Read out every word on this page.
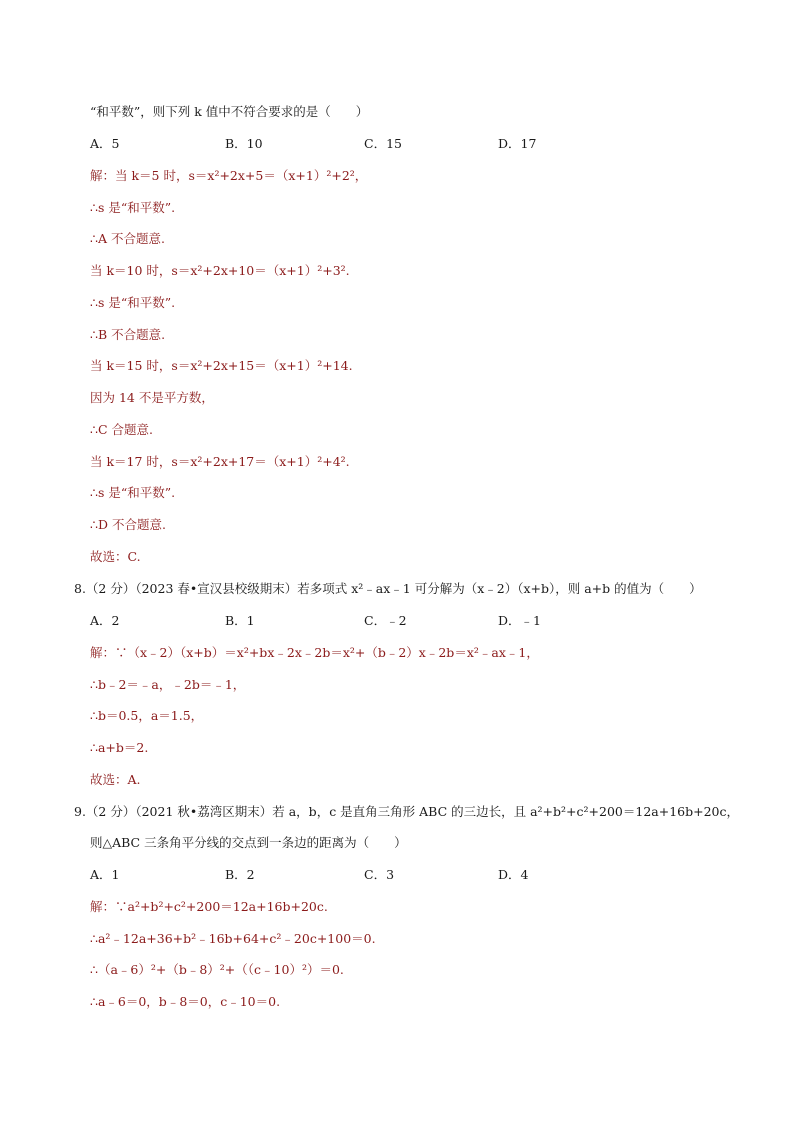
“和平数”，则下列 k 值中不符合要求的是（　　）
A．5	B．10	C．15	D．17
解：当 k＝5 时，s＝x²+2x+5＝（x+1）²+2²，
∴s 是“和平数”.
∴A 不合题意.
当 k＝10 时，s＝x²+2x+10＝（x+1）²+3².
∴s 是“和平数”.
∴B 不合题意.
当 k＝15 时，s＝x²+2x+15＝（x+1）²+14.
因为 14 不是平方数，
∴C 合题意.
当 k＝17 时，s＝x²+2x+17＝（x+1）²+4².
∴s 是“和平数”.
∴D 不合题意.
故选：C.
8.（2 分）（2023 春•宣汉县校级期末）若多项式 x²﹣ax﹣1 可分解为（x﹣2）（x+b），则 a+b 的值为（　　）
A．2	B．1	C．﹣2	D．﹣1
解：∵（x﹣2）（x+b）＝x²+bx﹣2x﹣2b＝x²+（b﹣2）x﹣2b＝x²﹣ax﹣1，
∴b﹣2＝﹣a，﹣2b＝﹣1，
∴b＝0.5，a＝1.5，
∴a+b＝2.
故选：A.
9.（2 分）（2021 秋•荔湾区期末）若 a，b，c 是直角三角形 ABC 的三边长，且 a²+b²+c²+200＝12a+16b+20c，
则△ABC 三条角平分线的交点到一条边的距离为（　　）
A．1	B．2	C．3	D．4
解：∵a²+b²+c²+200＝12a+16b+20c.
∴a²﹣12a+36+b²﹣16b+64+c²﹣20c+100＝0.
∴（a﹣6）²+（b﹣8）²+（（c﹣10）²）＝0.
∴a﹣6＝0，b﹣8＝0，c﹣10＝0.
